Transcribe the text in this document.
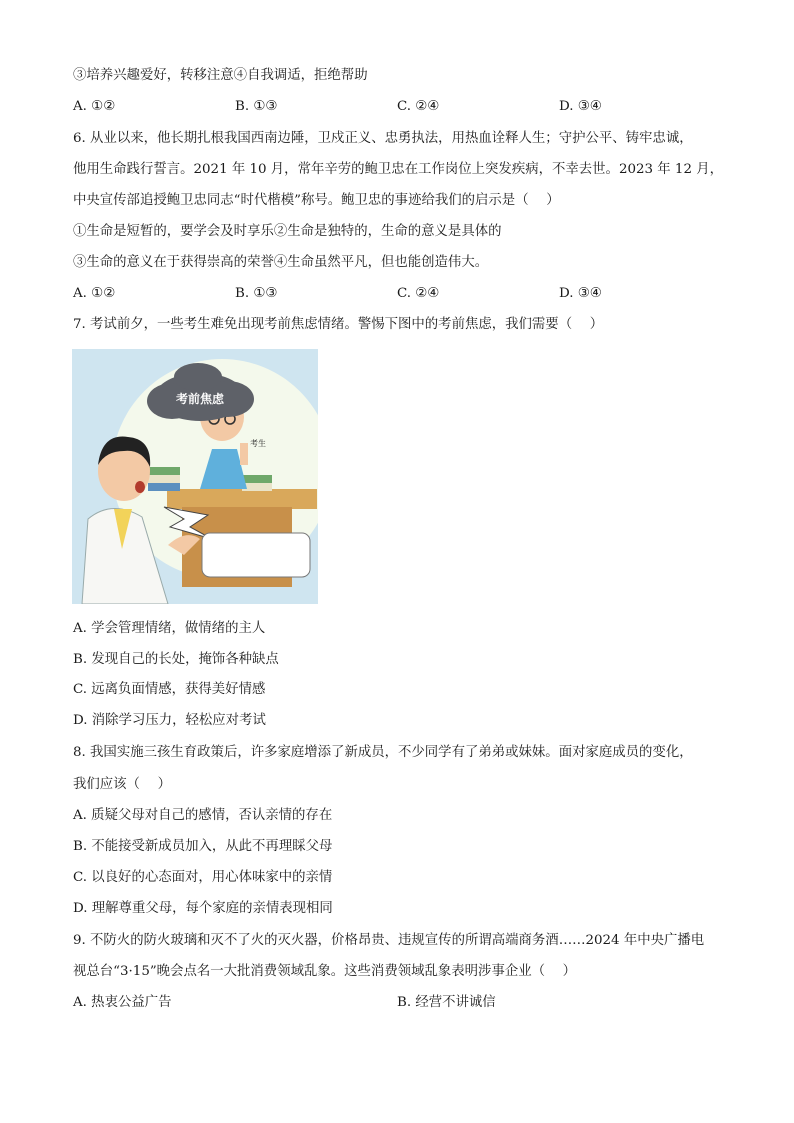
③培养兴趣爱好，转移注意④自我调适，拒绝帮助
A. ①②	B. ①③	C. ②④	D. ③④
6. 从业以来，他长期扎根我国西南边陲，卫戍正义、忠勇执法，用热血诠释人生；守护公平、铸牢忠诚，
他用生命践行誓言。2021 年 10 月，常年辛劳的鲍卫忠在工作岗位上突发疾病，不幸去世。2023 年 12 月，
中央宣传部追授鲍卫忠同志“时代楷模”称号。鲍卫忠的事迹给我们的启示是（　 ）
①生命是短暂的，要学会及时享乐②生命是独特的，生命的意义是具体的
③生命的意义在于获得崇高的荣誉④生命虽然平凡，但也能创造伟大。
A. ①②	B. ①③	C. ②④	D. ③④
7. 考试前夕，一些考生难免出现考前焦虑情绪。警惕下图中的考前焦虑，我们需要（　 ）
考前焦虑
考生
A. 学会管理情绪，做情绪的主人
B. 发现自己的长处，掩饰各种缺点
C. 远离负面情感，获得美好情感
D. 消除学习压力，轻松应对考试
8. 我国实施三孩生育政策后，许多家庭增添了新成员，不少同学有了弟弟或妹妹。面对家庭成员的变化，
我们应该（　 ）
A. 质疑父母对自己的感情，否认亲情的存在
B. 不能接受新成员加入，从此不再理睬父母
C. 以良好的心态面对，用心体味家中的亲情
D. 理解尊重父母，每个家庭的亲情表现相同
9. 不防火的防火玻璃和灭不了火的灭火器，价格昂贵、违规宣传的所谓高端商务酒……2024 年中央广播电
视总台“3·15”晚会点名一大批消费领域乱象。这些消费领域乱象表明涉事企业（　 ）
A. 热衷公益广告	B. 经营不讲诚信
